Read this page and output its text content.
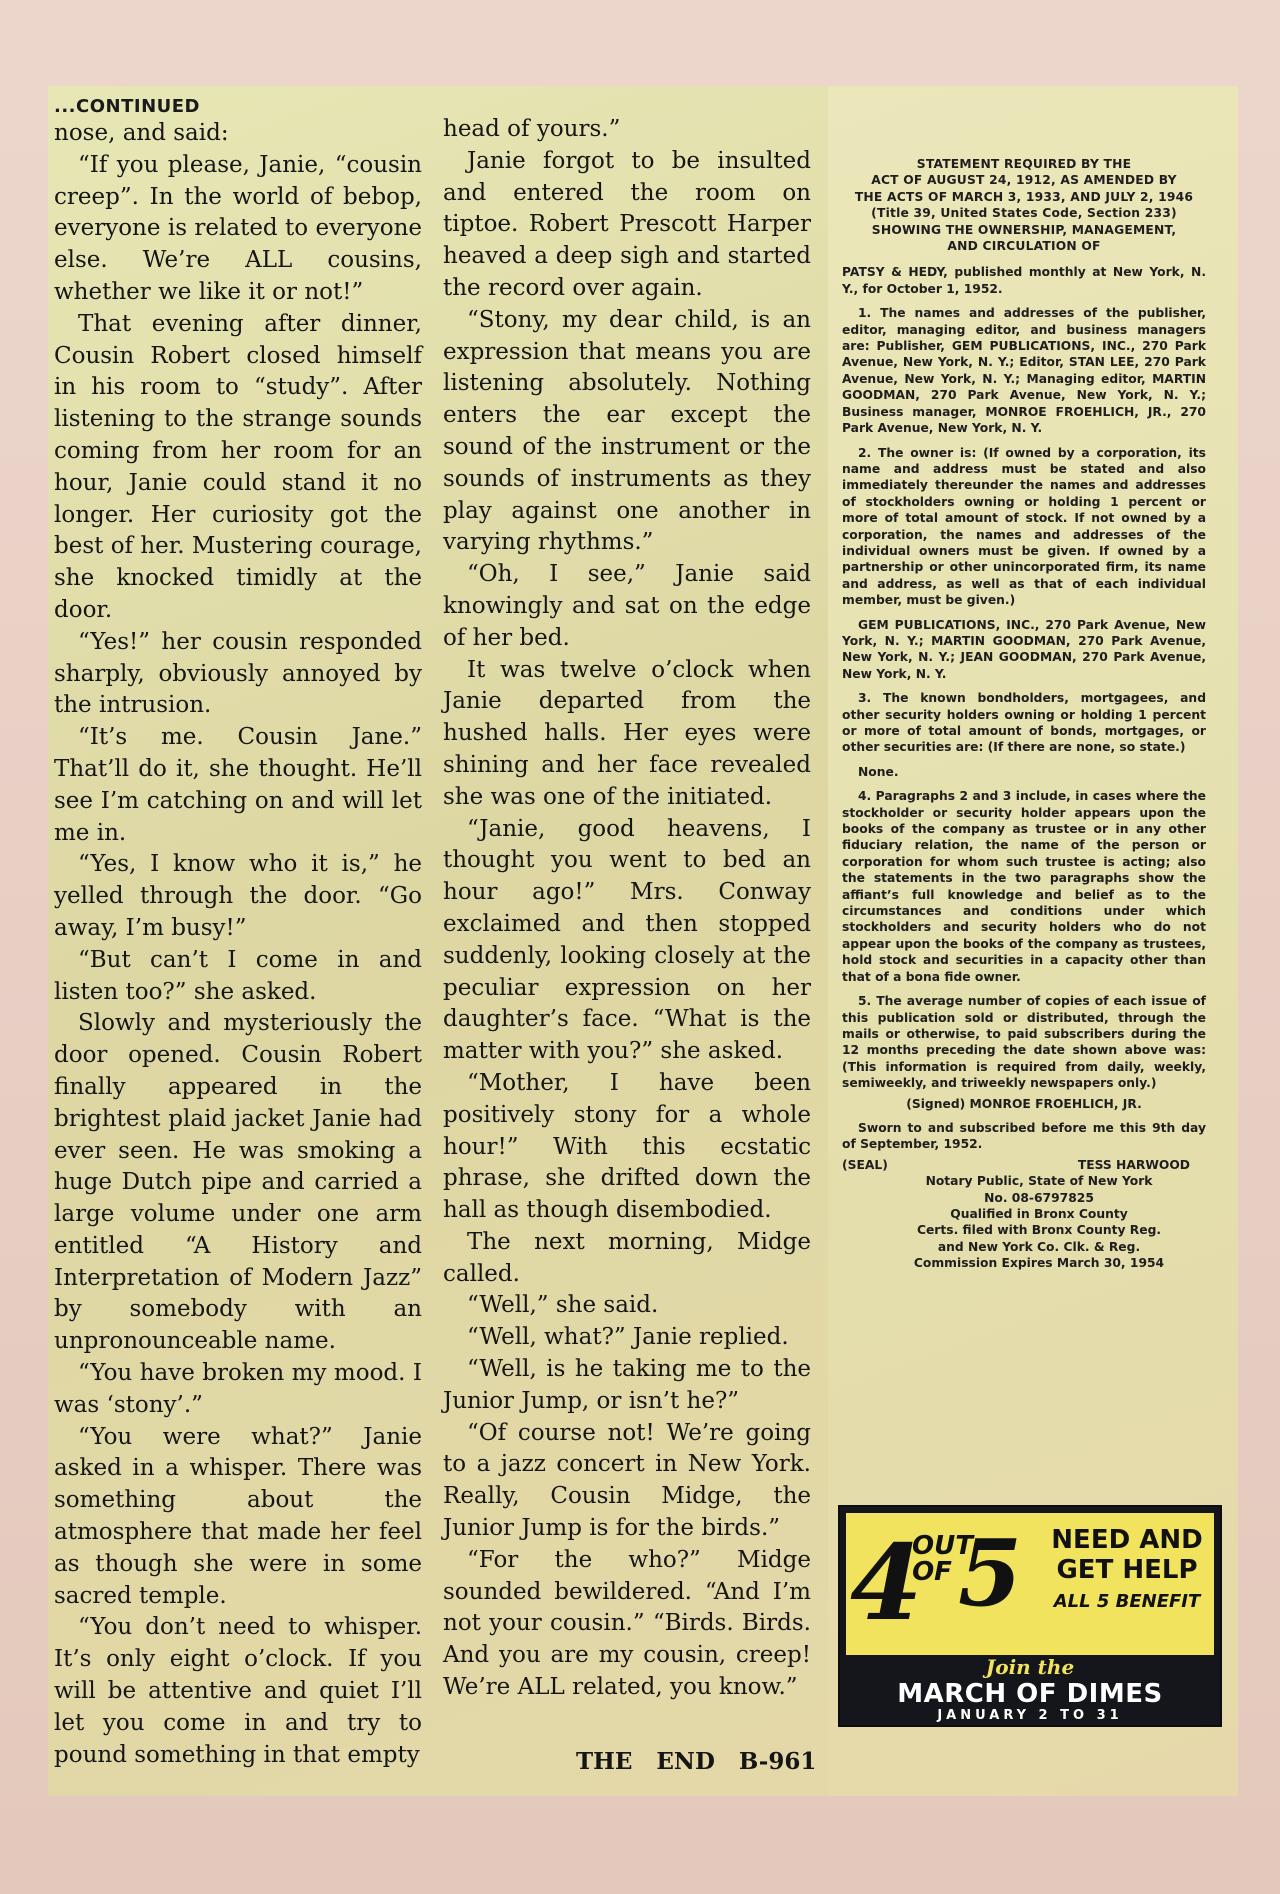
...CONTINUED

nose, and said:

“If you please, Janie, “cousin creep”. In the world of bebop, everyone is related to everyone else. We’re ALL cousins, whether we like it or not!”

That evening after dinner, Cousin Robert closed himself in his room to “study”. After listening to the strange sounds coming from her room for an hour, Janie could stand it no longer. Her curiosity got the best of her. Mustering courage, she knocked timidly at the door.

“Yes!” her cousin responded sharply, obviously annoyed by the intrusion.

“It’s me. Cousin Jane.” That’ll do it, she thought. He’ll see I’m catching on and will let me in.

“Yes, I know who it is,” he yelled through the door. “Go away, I’m busy!”

“But can’t I come in and listen too?” she asked.

Slowly and mysteriously the door opened. Cousin Robert finally appeared in the brightest plaid jacket Janie had ever seen. He was smoking a huge Dutch pipe and carried a large volume under one arm entitled “A History and Interpretation of Modern Jazz” by somebody with an unpronounceable name.

“You have broken my mood. I was ‘stony’.”

“You were what?” Janie asked in a whisper. There was something about the atmosphere that made her feel as though she were in some sacred temple.

“You don’t need to whisper. It’s only eight o’clock. If you will be attentive and quiet I’ll let you come in and try to pound something in that empty

head of yours.”

Janie forgot to be insulted and entered the room on tiptoe. Robert Prescott Harper heaved a deep sigh and started the record over again.

“Stony, my dear child, is an expression that means you are listening absolutely. Nothing enters the ear except the sound of the instrument or the sounds of instruments as they play against one another in varying rhythms.”

“Oh, I see,” Janie said knowingly and sat on the edge of her bed.

It was twelve o’clock when Janie departed from the hushed halls. Her eyes were shining and her face revealed she was one of the initiated.

“Janie, good heavens, I thought you went to bed an hour ago!” Mrs. Conway exclaimed and then stopped suddenly, looking closely at the peculiar expression on her daughter’s face. “What is the matter with you?” she asked.

“Mother, I have been positively stony for a whole hour!” With this ecstatic phrase, she drifted down the hall as though disembodied.

The next morning, Midge called.

“Well,” she said.

“Well, what?” Janie replied.

“Well, is he taking me to the Junior Jump, or isn’t he?”

“Of course not! We’re going to a jazz concert in New York. Really, Cousin Midge, the Junior Jump is for the birds.”

“For the who?” Midge sounded bewildered. “And I’m not your cousin.” “Birds. Birds. And you are my cousin, creep! We’re ALL related, you know.”

THE END B-961
STATEMENT REQUIRED BY THE
ACT OF AUGUST 24, 1912, AS AMENDED BY
THE ACTS OF MARCH 3, 1933, AND JULY 2, 1946
(Title 39, United States Code, Section 233)
SHOWING THE OWNERSHIP, MANAGEMENT,
AND CIRCULATION OF

PATSY & HEDY, published monthly at New York, N. Y., for October 1, 1952.

1. The names and addresses of the publisher, editor, managing editor, and business managers are: Publisher, GEM PUBLICATIONS, INC., 270 Park Avenue, New York, N. Y.; Editor, STAN LEE, 270 Park Avenue, New York, N. Y.; Managing editor, MARTIN GOODMAN, 270 Park Avenue, New York, N. Y.; Business manager, MONROE FROEHLICH, JR., 270 Park Avenue, New York, N. Y.

2. The owner is: (If owned by a corporation, its name and address must be stated and also immediately thereunder the names and addresses of stockholders owning or holding 1 percent or more of total amount of stock. If not owned by a corporation, the names and addresses of the individual owners must be given. If owned by a partnership or other unincorporated firm, its name and address, as well as that of each individual member, must be given.)

GEM PUBLICATIONS, INC., 270 Park Avenue, New York, N. Y.; MARTIN GOODMAN, 270 Park Avenue, New York, N. Y.; JEAN GOODMAN, 270 Park Avenue, New York, N. Y.

3. The known bondholders, mortgagees, and other security holders owning or holding 1 percent or more of total amount of bonds, mortgages, or other securities are: (If there are none, so state.)

None.

4. Paragraphs 2 and 3 include, in cases where the stockholder or security holder appears upon the books of the company as trustee or in any other fiduciary relation, the name of the person or corporation for whom such trustee is acting; also the statements in the two paragraphs show the affiant’s full knowledge and belief as to the circumstances and conditions under which stockholders and security holders who do not appear upon the books of the company as trustees, hold stock and securities in a capacity other than that of a bona fide owner.

5. The average number of copies of each issue of this publication sold or distributed, through the mails or otherwise, to paid subscribers during the 12 months preceding the date shown above was: (This information is required from daily, weekly, semiweekly, and triweekly newspapers only.)

(Signed) MONROE FROEHLICH, JR.

Sworn to and subscribed before me this 9th day of September, 1952.

(SEAL)	TESS HARWOOD
Notary Public, State of New York
No. 08-6797825
Qualified in Bronx County
Certs. filed with Bronx County Reg.
and New York Co. Clk. & Reg.
Commission Expires March 30, 1954
4
OUT
OF 5	NEED AND
GET HELP
ALL 5 BENEFIT
Join the
MARCH OF DIMES
JANUARY 2 TO 31
